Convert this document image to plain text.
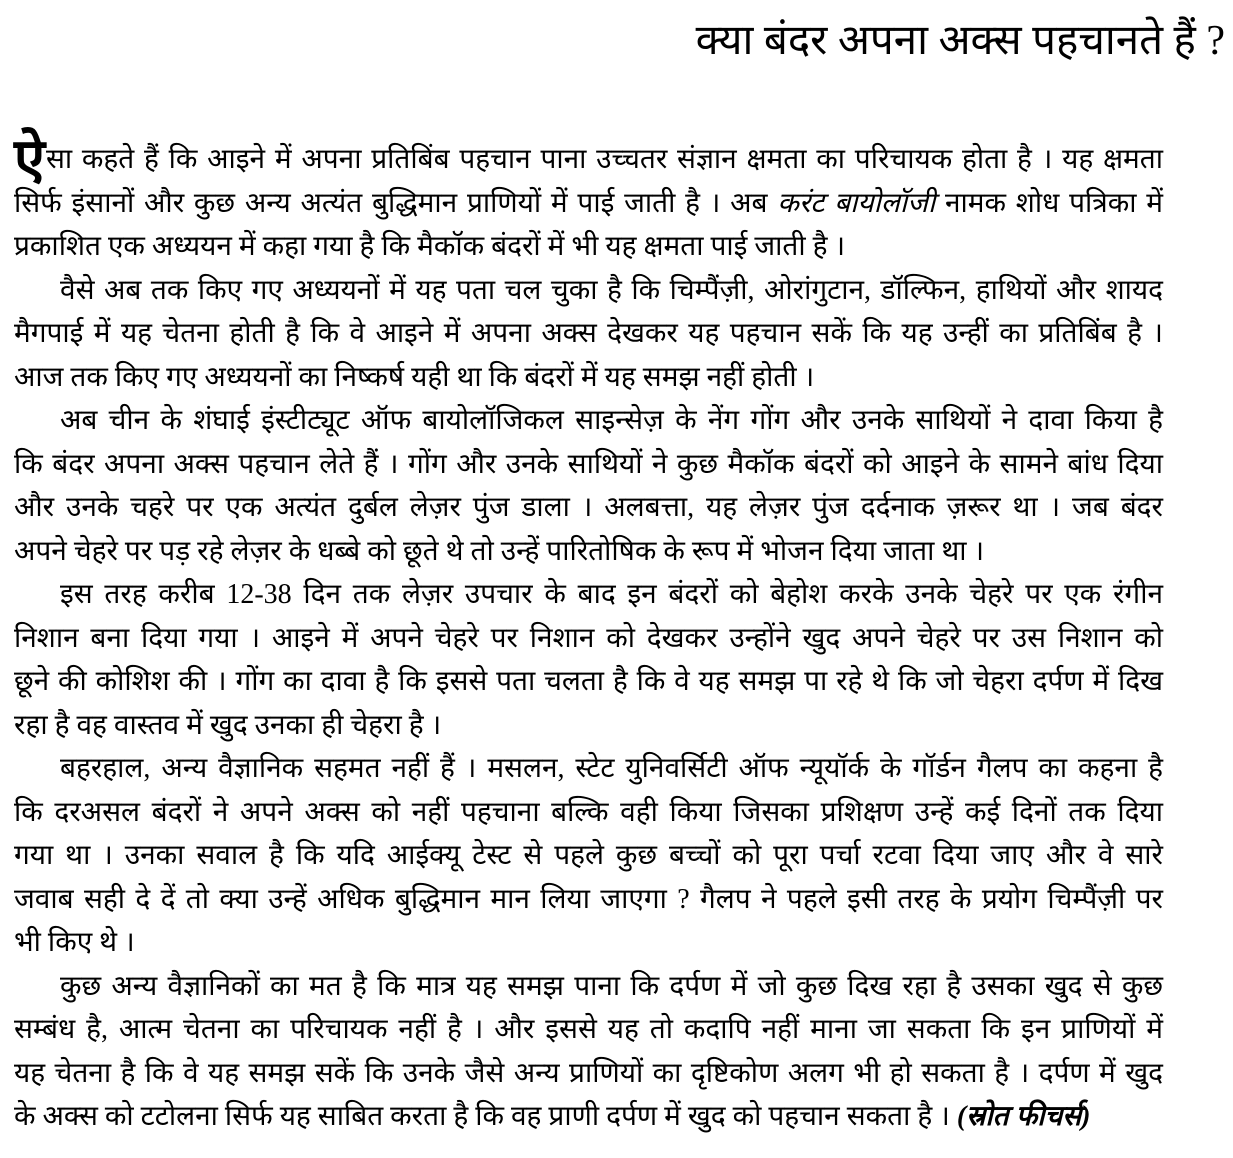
क्या बंदर अपना अक्स पहचानते हैं ?
ऐसा कहते हैं कि आइने में अपना प्रतिबिंब पहचान पाना उच्चतर संज्ञान क्षमता का परिचायक होता है । यह क्षमता
सिर्फ इंसानों और कुछ अन्य अत्यंत बुद्धिमान प्राणियों में पाई जाती है । अब करंट बायोलॉजी नामक शोध पत्रिका में
प्रकाशित एक अध्ययन में कहा गया है कि मैकॉक बंदरों में भी यह क्षमता पाई जाती है ।
वैसे अब तक किए गए अध्ययनों में यह पता चल चुका है कि चिम्पैंज़ी, ओरांगुटान, डॉल्फिन, हाथियों और शायद
मैगपाई में यह चेतना होती है कि वे आइने में अपना अक्स देखकर यह पहचान सकें कि यह उन्हीं का प्रतिबिंब है ।
आज तक किए गए अध्ययनों का निष्कर्ष यही था कि बंदरों में यह समझ नहीं होती ।
अब चीन के शंघाई इंस्टीट्यूट ऑफ बायोलॉजिकल साइन्सेज़ के नेंग गोंग और उनके साथियों ने दावा किया है
कि बंदर अपना अक्स पहचान लेते हैं । गोंग और उनके साथियों ने कुछ मैकॉक बंदरों को आइने के सामने बांध दिया
और उनके चहरे पर एक अत्यंत दुर्बल लेज़र पुंज डाला । अलबत्ता, यह लेज़र पुंज दर्दनाक ज़रूर था । जब बंदर
अपने चेहरे पर पड़ रहे लेज़र के धब्बे को छूते थे तो उन्हें पारितोषिक के रूप में भोजन दिया जाता था ।
इस तरह करीब 12-38 दिन तक लेज़र उपचार के बाद इन बंदरों को बेहोश करके उनके चेहरे पर एक रंगीन
निशान बना दिया गया । आइने में अपने चेहरे पर निशान को देखकर उन्होंने खुद अपने चेहरे पर उस निशान को
छूने की कोशिश की । गोंग का दावा है कि इससे पता चलता है कि वे यह समझ पा रहे थे कि जो चेहरा दर्पण में दिख
रहा है वह वास्तव में खुद उनका ही चेहरा है ।
बहरहाल, अन्य वैज्ञानिक सहमत नहीं हैं । मसलन, स्टेट युनिवर्सिटी ऑफ न्यूयॉर्क के गॉर्डन गैलप का कहना है
कि दरअसल बंदरों ने अपने अक्स को नहीं पहचाना बल्कि वही किया जिसका प्रशिक्षण उन्हें कई दिनों तक दिया
गया था । उनका सवाल है कि यदि आईक्यू टेस्ट से पहले कुछ बच्चों को पूरा पर्चा रटवा दिया जाए और वे सारे
जवाब सही दे दें तो क्या उन्हें अधिक बुद्धिमान मान लिया जाएगा ? गैलप ने पहले इसी तरह के प्रयोग चिम्पैंज़ी पर
भी किए थे ।
कुछ अन्य वैज्ञानिकों का मत है कि मात्र यह समझ पाना कि दर्पण में जो कुछ दिख रहा है उसका खुद से कुछ
सम्बंध है, आत्म चेतना का परिचायक नहीं है । और इससे यह तो कदापि नहीं माना जा सकता कि इन प्राणियों में
यह चेतना है कि वे यह समझ सकें कि उनके जैसे अन्य प्राणियों का दृष्टिकोण अलग भी हो सकता है । दर्पण में खुद
के अक्स को टटोलना सिर्फ यह साबित करता है कि वह प्राणी दर्पण में खुद को पहचान सकता है । (स्रोत फीचर्स)
